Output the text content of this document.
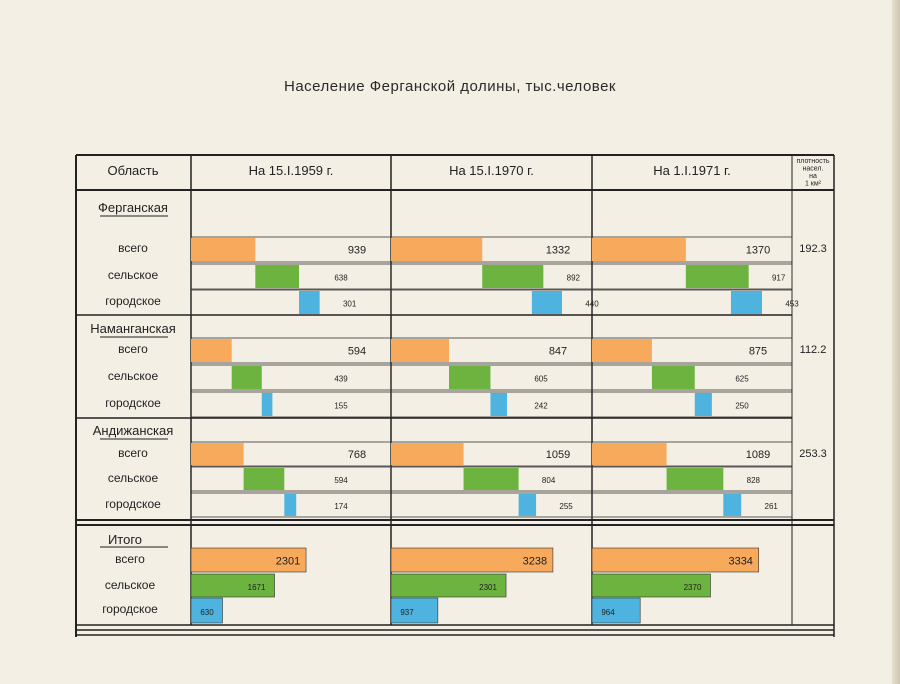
Население Ферганской долины, тыс.человек
Область	На 15.I.1959 г.	На 15.I.1970 г.	На 1.I.1971 г.
плотность
насел.
на
1 км²
Ферганская
всего	939	1332	1370
сельское	638	892	917
городское	301	440	453
192.3
Наманганская
всего	594	847	875
сельское	439	605	625
городское	155	242	250
112.2
Андижанская
всего	768	1059	1089
сельское	594	804	828
городское	174	255	261
253.3
Итого
всего	2301	3238	3334
сельское	1671	2301	2370
городское	630	937	964
